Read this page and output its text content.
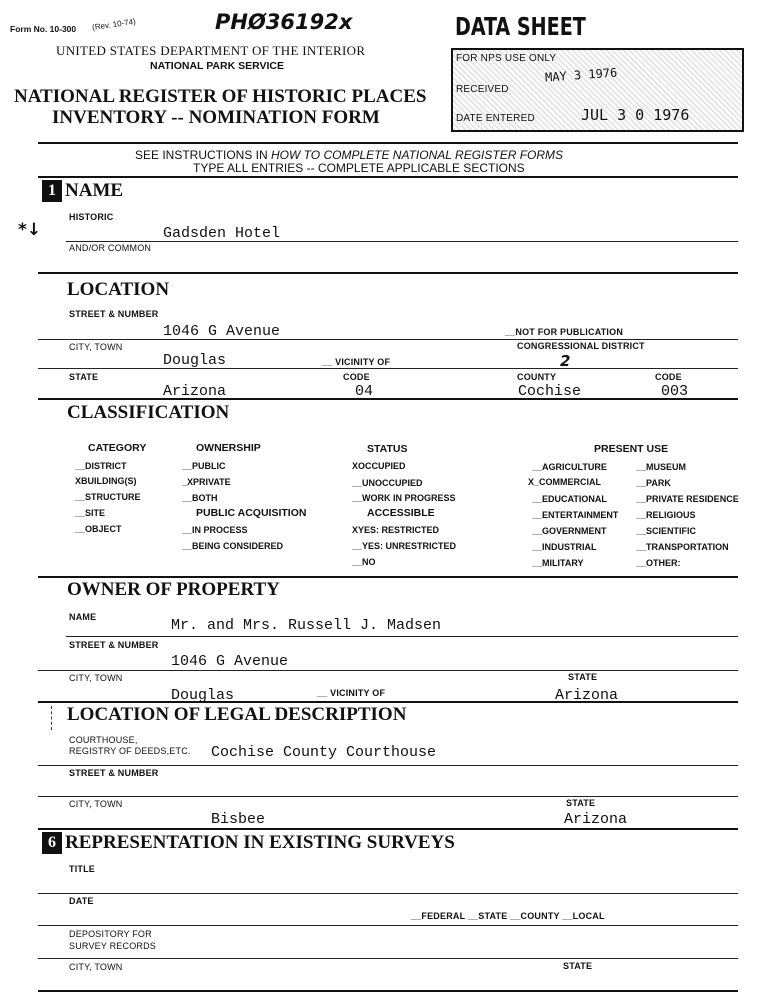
Form No. 10-300 (Rev. 10-74)	PHØ36192x
UNITED STATES DEPARTMENT OF THE INTERIOR
NATIONAL PARK SERVICE
NATIONAL REGISTER OF HISTORIC PLACES
INVENTORY -- NOMINATION FORM
DATA SHEET
FOR NPS USE ONLY
RECEIVED
MAY 3 1976
DATE ENTERED	JUL 3 0 1976
SEE INSTRUCTIONS IN HOW TO COMPLETE NATIONAL REGISTER FORMS
TYPE ALL ENTRIES -- COMPLETE APPLICABLE SECTIONS
1 NAME
*↓
HISTORIC
Gadsden Hotel
AND/OR COMMON
LOCATION
STREET & NUMBER
1046 G Avenue	__NOT FOR PUBLICATION
CITY, TOWN	CONGRESSIONAL DISTRICT
Douglas	__ VICINITY OF	2
STATE	CODE	COUNTY	CODE
Arizona	04	Cochise	003
CLASSIFICATION
CATEGORY
__DISTRICT
XBUILDING(S)
__STRUCTURE
__SITE
__OBJECT
OWNERSHIP
__PUBLIC
_XPRIVATE
__BOTH
PUBLIC ACQUISITION
__IN PROCESS
__BEING CONSIDERED
STATUS
XOCCUPIED
__UNOCCUPIED
__WORK IN PROGRESS
ACCESSIBLE
XYES: RESTRICTED
__YES: UNRESTRICTED
__NO
PRESENT USE
__AGRICULTURE
X_COMMERCIAL
__EDUCATIONAL
__ENTERTAINMENT
__GOVERNMENT
__INDUSTRIAL
__MILITARY
__MUSEUM
__PARK
__PRIVATE RESIDENCE
__RELIGIOUS
__SCIENTIFIC
__TRANSPORTATION
__OTHER:
OWNER OF PROPERTY
NAME	Mr. and Mrs. Russell J. Madsen
STREET & NUMBER
1046 G Avenue
CITY, TOWN	STATE
Douglas	__ VICINITY OF	Arizona
LOCATION OF LEGAL DESCRIPTION
COURTHOUSE,
REGISTRY OF DEEDS,ETC. Cochise County Courthouse
STREET & NUMBER
CITY, TOWN	STATE
Bisbee	Arizona
6 REPRESENTATION IN EXISTING SURVEYS
TITLE
DATE
__FEDERAL __STATE __COUNTY __LOCAL
DEPOSITORY FOR
SURVEY RECORDS
CITY, TOWN	STATE
